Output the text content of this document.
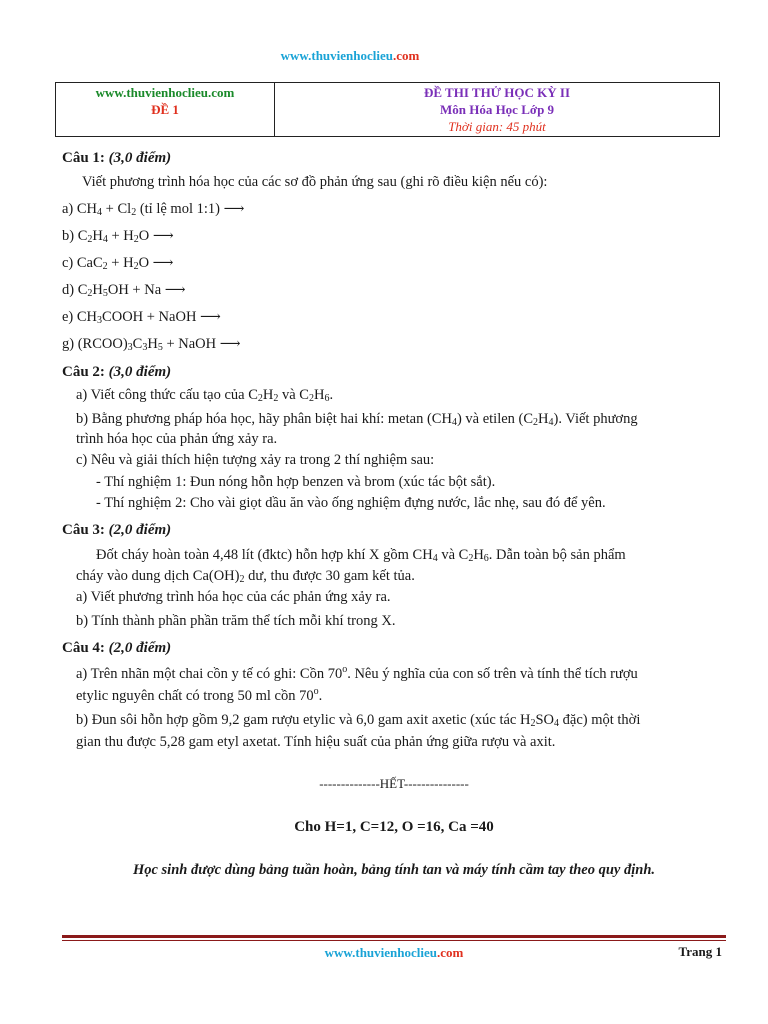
www.thuvienhoclieu.com
www.thuvienhoclieu.com
ĐỀ 1

ĐỀ THI THỬ HỌC KỲ II
Môn Hóa Học Lớp 9
Thời gian: 45 phút
Câu 1: (3,0 điểm)
Viết phương trình hóa học của các sơ đồ phản ứng sau (ghi rõ điều kiện nếu có):
a) $CH_4 + Cl_2$ (tỉ lệ mol 1:1) ⟶
b) $C_2H_4 + H_2O$ ⟶
c) $CaC_2 + H_2O$ ⟶
d) $C_2H_5OH + Na$ ⟶
e) $CH_3COOH$ + NaOH ⟶
g) $(RCOO)_3C_3H_5$ + NaOH ⟶
Câu 2: (3,0 điểm)
a) Viết công thức cấu tạo của $C_2H_2$ và $C_2H_6$.
b) Bằng phương pháp hóa học, hãy phân biệt hai khí: metan $(CH_4)$ và etilen $(C_2H_4)$. Viết phương
trình hóa học của phản ứng xảy ra.
c) Nêu và giải thích hiện tượng xảy ra trong 2 thí nghiệm sau:
- Thí nghiệm 1: Đun nóng hỗn hợp benzen và brom (xúc tác bột sắt).
- Thí nghiệm 2: Cho vài giọt dầu ăn vào ống nghiệm đựng nước, lắc nhẹ, sau đó để yên.
Câu 3: (2,0 điểm)
Đốt cháy hoàn toàn 4,48 lít (đktc) hỗn hợp khí X gồm $CH_4$ và $C_2H_6$. Dẫn toàn bộ sản phẩm
cháy vào dung dịch $Ca(OH)_2$ dư, thu được 30 gam kết tủa.
a) Viết phương trình hóa học của các phản ứng xảy ra.
b) Tính thành phần phần trăm thể tích mỗi khí trong X.
Câu 4: (2,0 điểm)
a) Trên nhãn một chai cồn y tế có ghi: Cồn 70$^o$. Nêu ý nghĩa của con số trên và tính thể tích rượu
etylic nguyên chất có trong 50 ml cồn 70$^o$.
b) Đun sôi hỗn hợp gồm 9,2 gam rượu etylic và 6,0 gam axit axetic (xúc tác $H_2SO_4$ đặc) một thời
gian thu được 5,28 gam etyl axetat. Tính hiệu suất của phản ứng giữa rượu và axit.
--------------HẾT---------------
Cho H=1, C=12, O =16, Ca =40
Học sinh được dùng bảng tuần hoàn, bảng tính tan và máy tính cầm tay theo quy định.
www.thuvienhoclieu.com	Trang 1
